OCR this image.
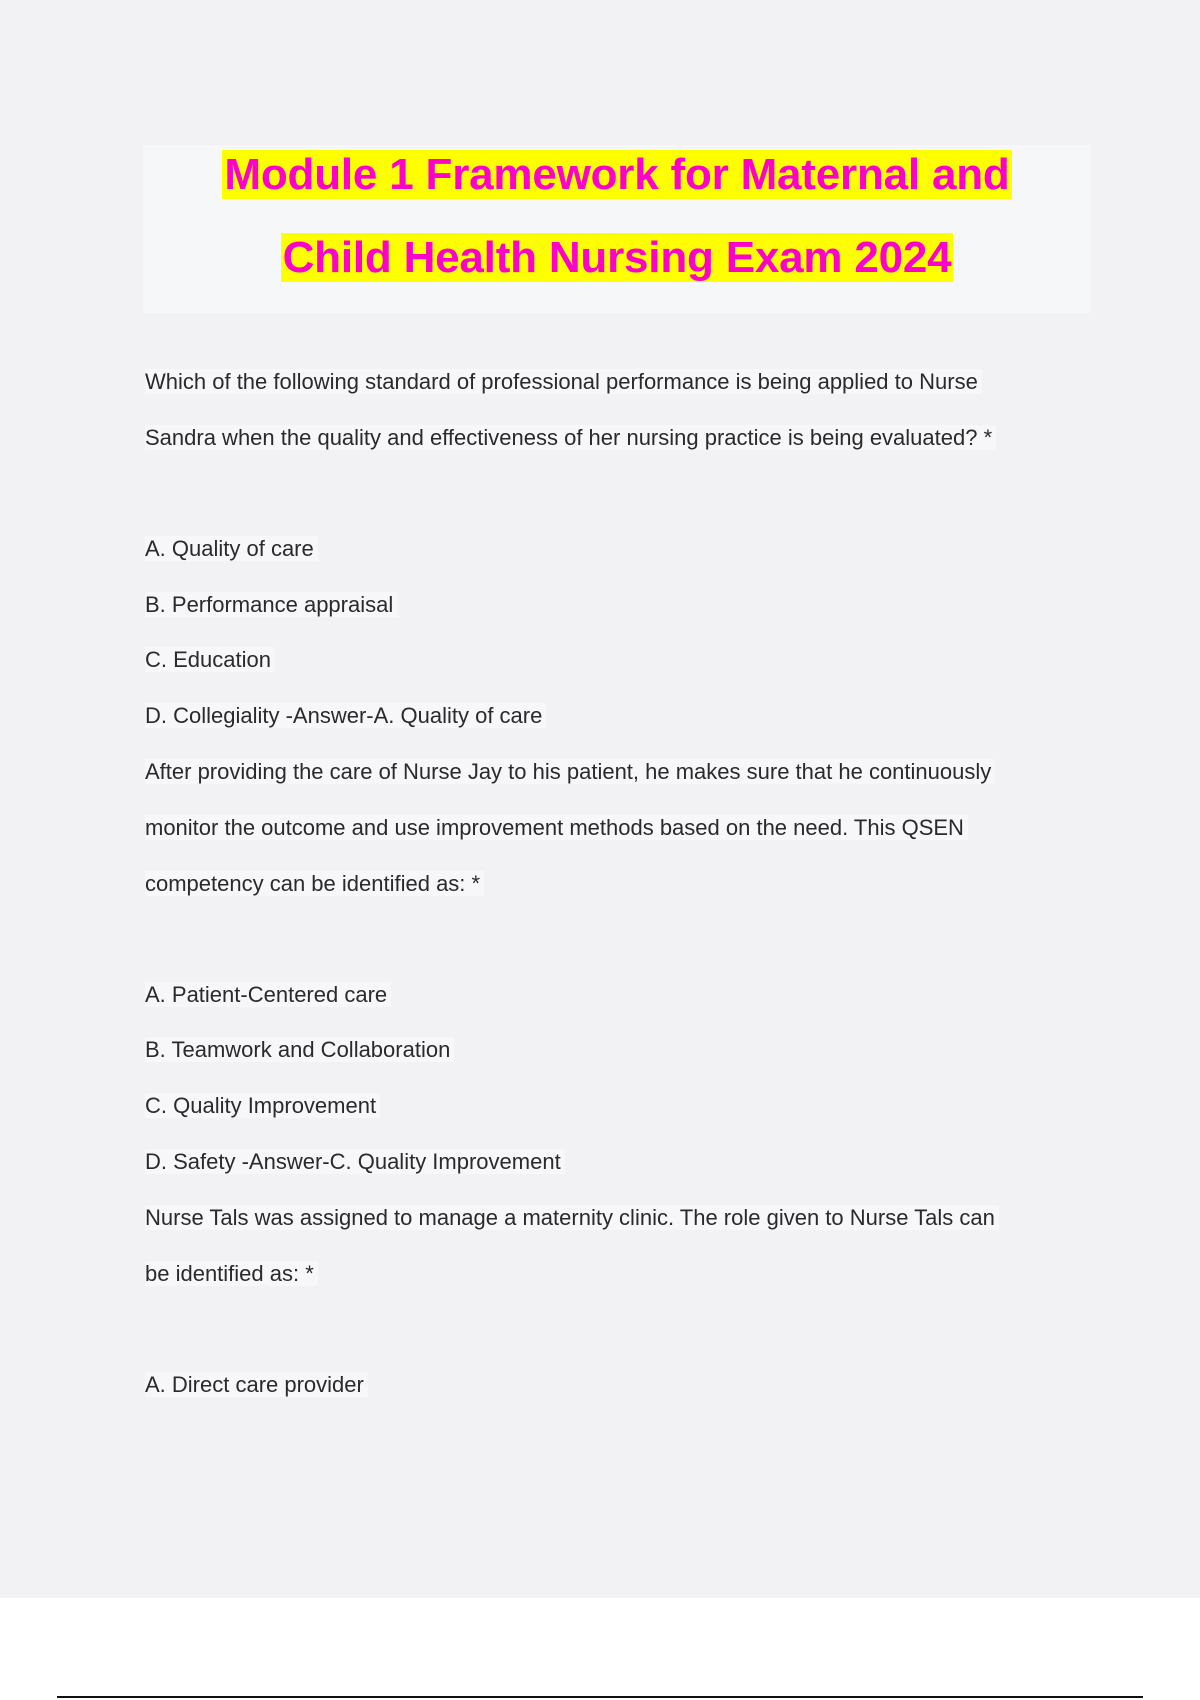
Module 1 Framework for Maternal and
Child Health Nursing Exam 2024
Which of the following standard of professional performance is being applied to Nurse
Sandra when the quality and effectiveness of her nursing practice is being evaluated? *
A. Quality of care
B. Performance appraisal
C. Education
D. Collegiality -Answer-A. Quality of care
After providing the care of Nurse Jay to his patient, he makes sure that he continuously
monitor the outcome and use improvement methods based on the need. This QSEN
competency can be identified as: *
A. Patient-Centered care
B. Teamwork and Collaboration
C. Quality Improvement
D. Safety -Answer-C. Quality Improvement
Nurse Tals was assigned to manage a maternity clinic. The role given to Nurse Tals can
be identified as: *
A. Direct care provider
